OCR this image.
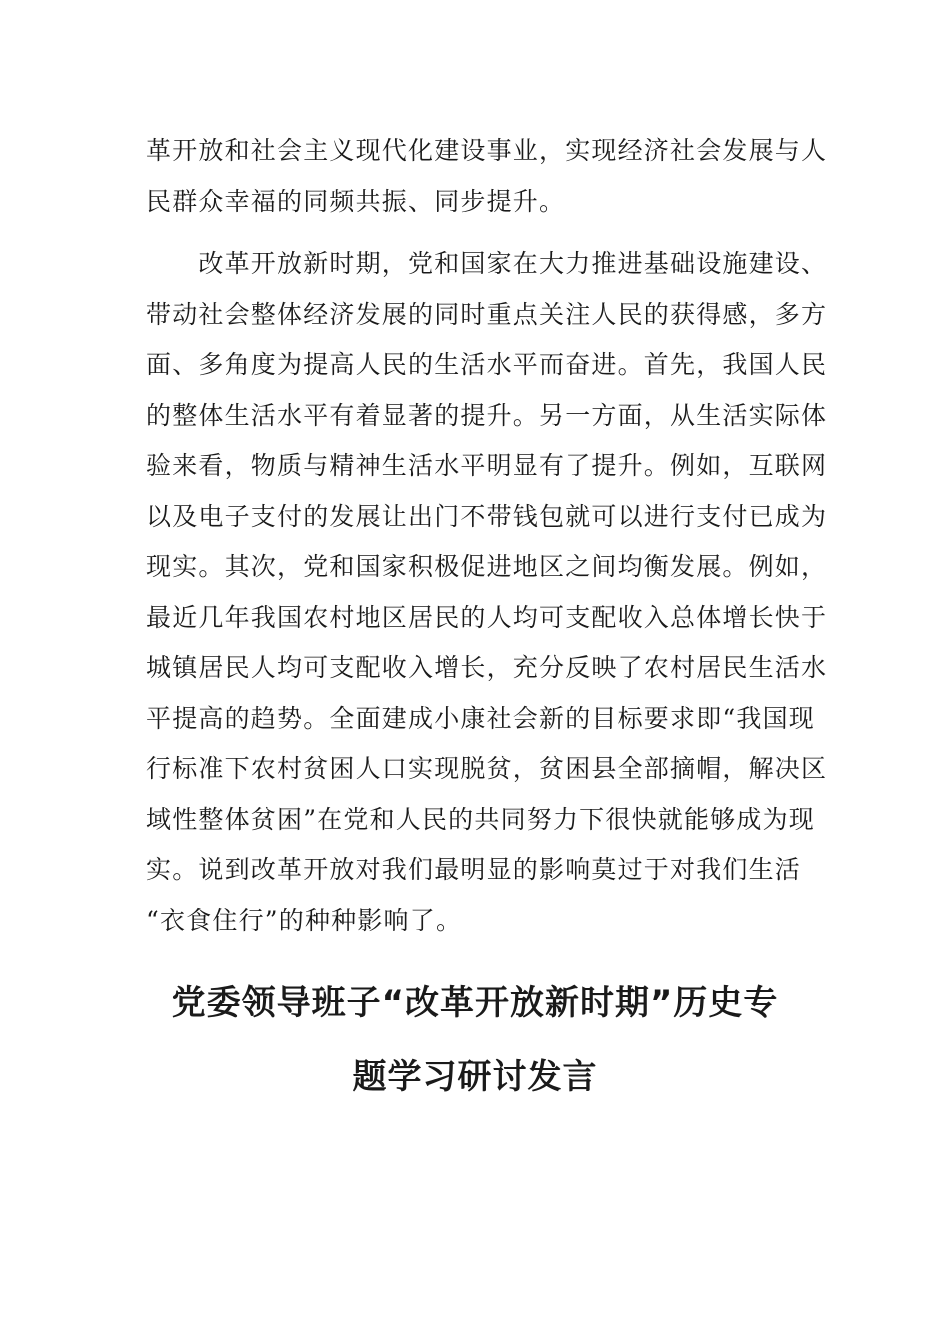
革开放和社会主义现代化建设事业，实现经济社会发展与人
民群众幸福的同频共振、同步提升。
　　改革开放新时期，党和国家在大力推进基础设施建设、
带动社会整体经济发展的同时重点关注人民的获得感，多方
面、多角度为提高人民的生活水平而奋进。首先，我国人民
的整体生活水平有着显著的提升。另一方面，从生活实际体
验来看，物质与精神生活水平明显有了提升。例如，互联网
以及电子支付的发展让出门不带钱包就可以进行支付已成为
现实。其次，党和国家积极促进地区之间均衡发展。例如，
最近几年我国农村地区居民的人均可支配收入总体增长快于
城镇居民人均可支配收入增长，充分反映了农村居民生活水
平提高的趋势。全面建成小康社会新的目标要求即“我国现
行标准下农村贫困人口实现脱贫，贫困县全部摘帽，解决区
域性整体贫困”在党和人民的共同努力下很快就能够成为现
实。说到改革开放对我们最明显的影响莫过于对我们生活
“衣食住行”的种种影响了。
党委领导班子“改革开放新时期”历史专
题学习研讨发言
